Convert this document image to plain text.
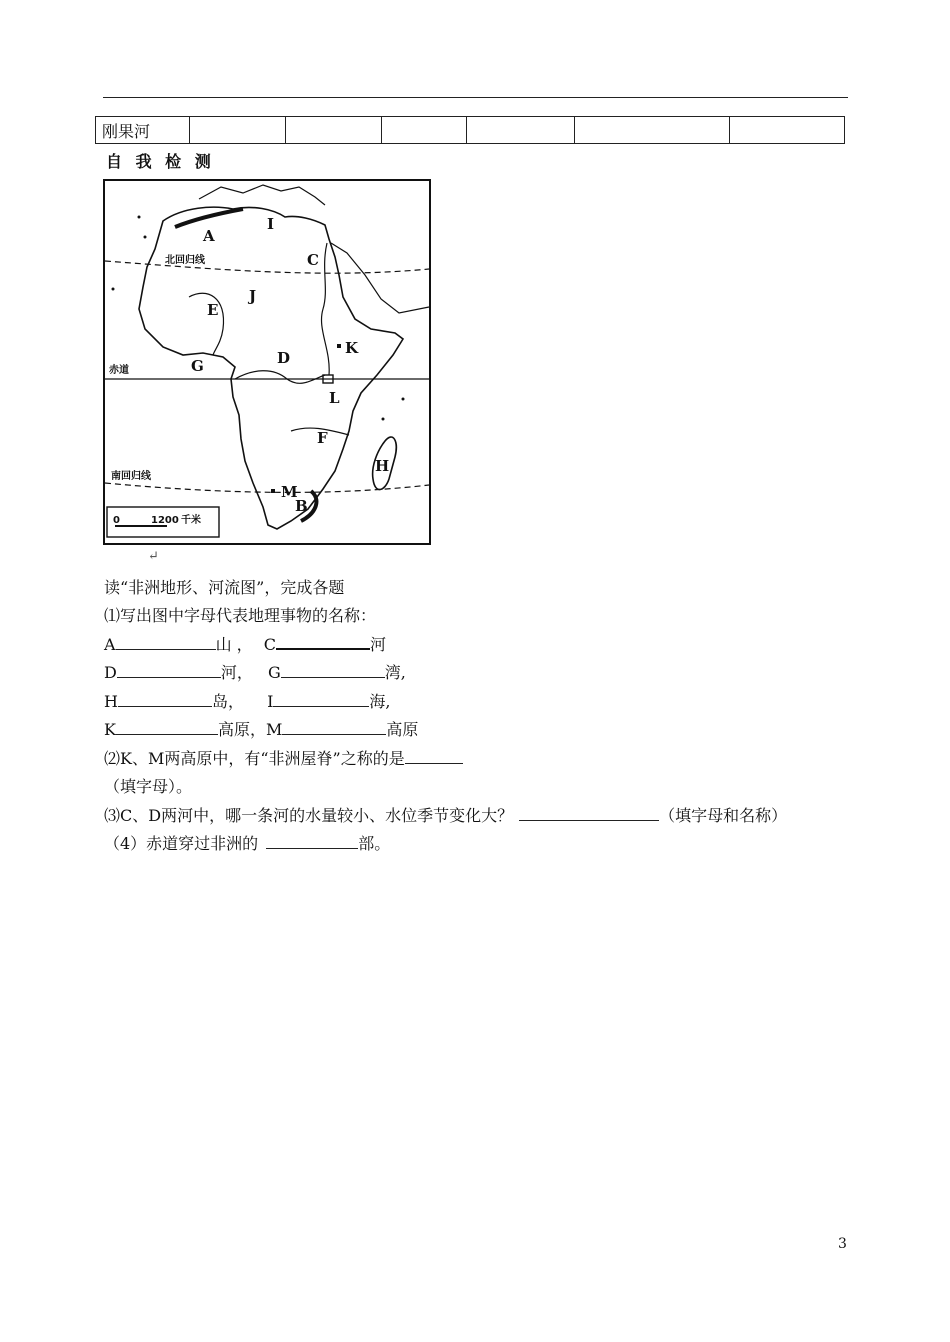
刚果河						
自 我 检 测
A
I
C
J
E
K
G	D
L
F
H
M
B
北回归线
赤道
南回归线
0	1200 千米
↵
读“非洲地形、河流图”，完成各题
⑴写出图中字母代表地理事物的名称：
A	山 ， C	河
D	河， G	湾,
H	岛， I	海,
K	高原，M	高原
⑵K、M两高原中，有“非洲屋脊”之称的是
（填字母）。
⑶C、D两河中，哪一条河的水量较小、水位季节变化大？	（填字母和名称）
（4）赤道穿过非洲的	部。
3
